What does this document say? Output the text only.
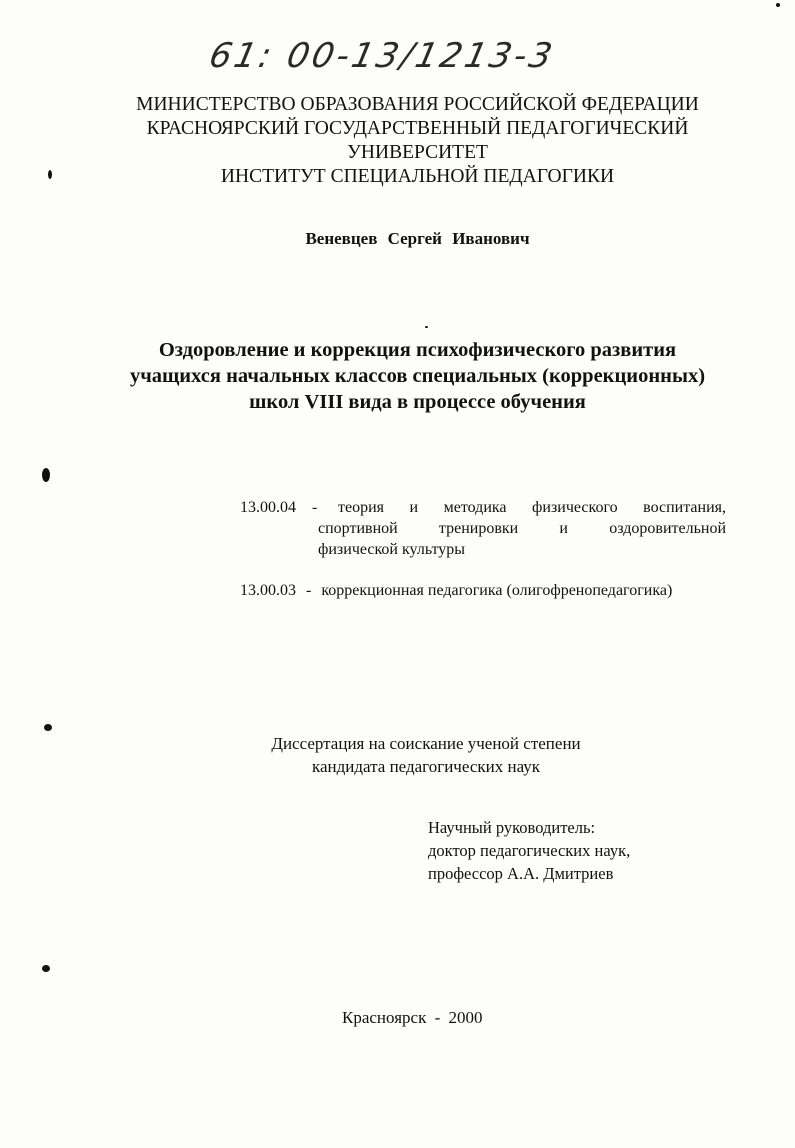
61: 00-13/1213-3
МИНИСТЕРСТВО ОБРАЗОВАНИЯ РОССИЙСКОЙ ФЕДЕРАЦИИ
КРАСНОЯРСКИЙ ГОСУДАРСТВЕННЫЙ ПЕДАГОГИЧЕСКИЙ
УНИВЕРСИТЕТ
ИНСТИТУТ СПЕЦИАЛЬНОЙ ПЕДАГОГИКИ
Веневцев Сергей Иванович
Оздоровление и коррекция психофизического развития
учащихся начальных классов специальных (коррекционных)
школ VIII вида в процессе обучения
13.00.04 -	теория и методика физического воспитания,
спортивной тренировки и оздоровительной
физической культуры
13.00.03 - коррекционная педагогика (олигофренопедагогика)
Диссертация на соискание ученой степени
кандидата педагогических наук
Научный руководитель:
доктор педагогических наук,
профессор А.А. Дмитриев
Красноярск - 2000
